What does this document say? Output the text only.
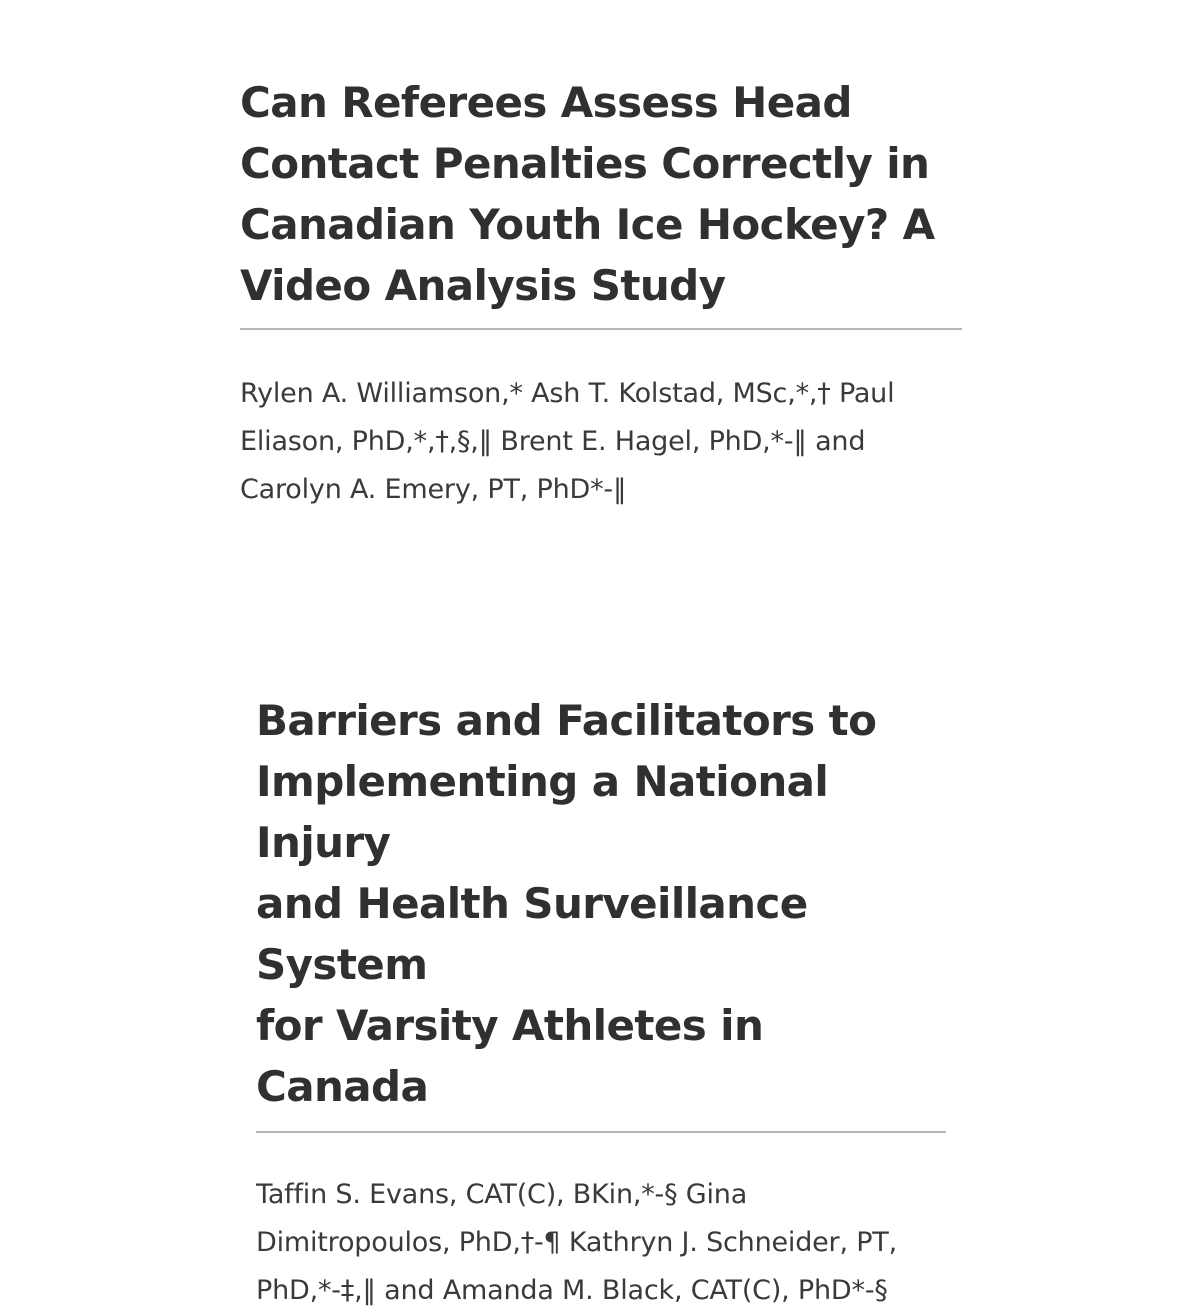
Can Referees Assess Head
Contact Penalties Correctly in
Canadian Youth Ice Hockey? A
Video Analysis Study

Rylen A. Williamson,* Ash T. Kolstad, MSc,*,† Paul
Eliason, PhD,*,†,§,‖ Brent E. Hagel, PhD,*-‖ and
Carolyn A. Emery, PT, PhD*-‖

Barriers and Facilitators to
Implementing a National Injury
and Health Surveillance System
for Varsity Athletes in Canada

Taffin S. Evans, CAT(C), BKin,*-§ Gina
Dimitropoulos, PhD,†-¶ Kathryn J. Schneider, PT,
PhD,*-‡,‖ and Amanda M. Black, CAT(C), PhD*-§
